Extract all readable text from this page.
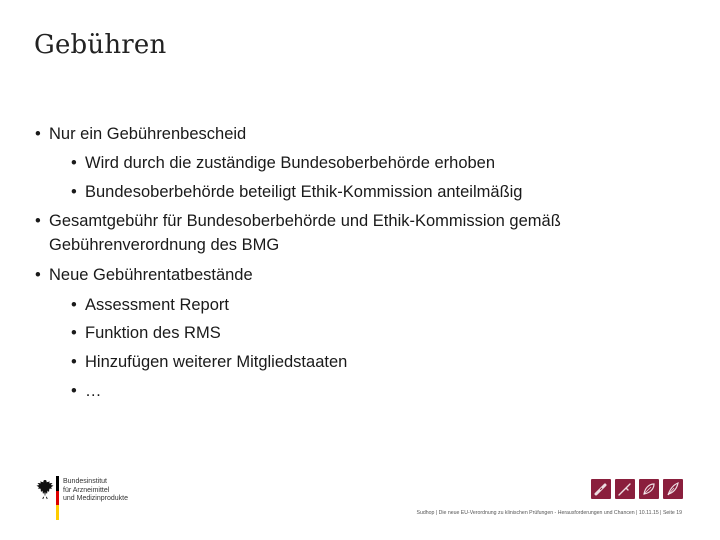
Gebühren
• Nur ein Gebührenbescheid
• Wird durch die zuständige Bundesoberbehörde erhoben
• Bundesoberbehörde beteiligt Ethik-Kommission anteilmäßig
• Gesamtgebühr für Bundesoberbehörde und Ethik-Kommission gemäß
Gebührenverordnung des BMG
• Neue Gebührentatbestände
• Assessment Report
• Funktion des RMS
• Hinzufügen weiterer Mitgliedstaaten
• …
Bundesinstitut
für Arzneimittel
und Medizinprodukte
Sudhop | Die neue EU-Verordnung zu klinischen Prüfungen - Herausforderungen und Chancen | 10.11.15 | Seite 19
